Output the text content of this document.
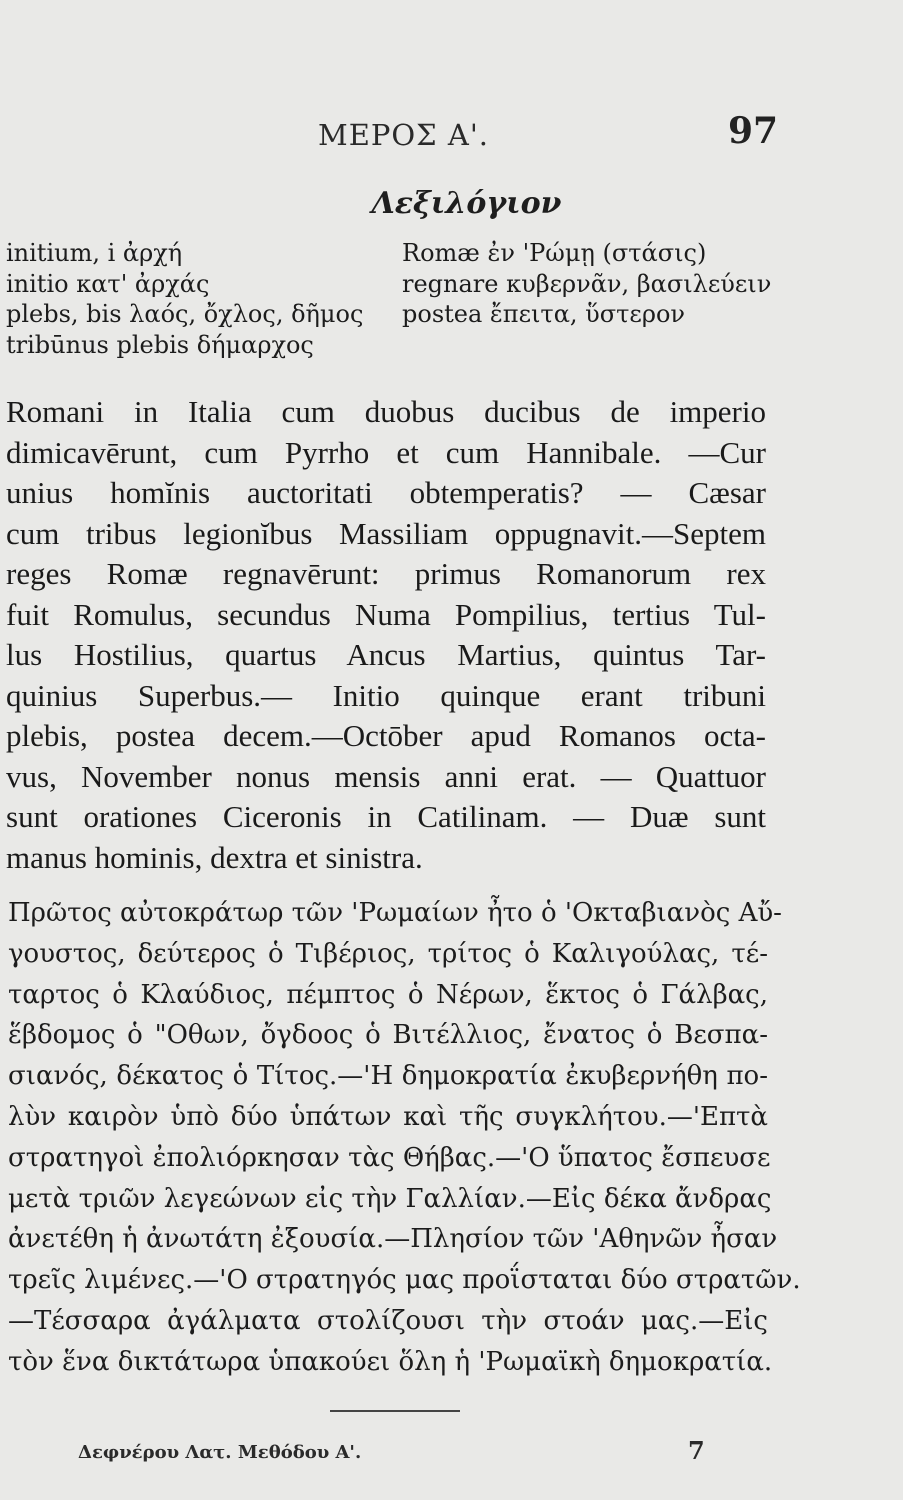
ΜΕΡΟΣ Α'.	97
Λεξιλόγιον
initium, i ἀρχή
initio κατ' ἀρχάς
plebs, bis λαός, ὄχλος, δῆμος
tribūnus plebis δήμαρχος
Romæ ἐν 'Ρώμῃ (στάσις)
regnare κυβερνᾶν, βασιλεύειν
postea ἔπειτα, ὕστερον
Romani in Italia cum duobus ducibus de imperio
dimicavērunt, cum Pyrrho et cum Hannibale. —Cur
unius homĭnis auctoritati obtemperatis? — Cæsar
cum tribus legionĭbus Massiliam oppugnavit.—Septem
reges Romæ regnavērunt: primus Romanorum rex
fuit Romulus, secundus Numa Pompilius, tertius Tul-
lus Hostilius, quartus Ancus Martius, quintus Tar-
quinius Superbus.— Initio quinque erant tribuni
plebis, postea decem.—Octōber apud Romanos octa-
vus, November nonus mensis anni erat. — Quattuor
sunt orationes Ciceronis in Catilinam. — Duæ sunt
manus hominis, dextra et sinistra.
Πρῶτος αὐτοκράτωρ τῶν 'Ρωμαίων ἦτο ὁ 'Οκταβιανὸς Αὔ-
γουστος, δεύτερος ὁ Τιβέριος, τρίτος ὁ Καλιγούλας, τέ-
ταρτος ὁ Κλαύδιος, πέμπτος ὁ Νέρων, ἕκτος ὁ Γάλβας,
ἕβδομος ὁ "Οθων, ὄγδοος ὁ Βιτέλλιος, ἔνατος ὁ Βεσπα-
σιανός, δέκατος ὁ Τίτος.—'Η δημοκρατία ἐκυβερνήθη πο-
λὺν καιρὸν ὑπὸ δύο ὑπάτων καὶ τῆς συγκλήτου.—'Επτὰ
στρατηγοὶ ἐπολιόρκησαν τὰς Θήβας.—'Ο ὕπατος ἔσπευσε
μετὰ τριῶν λεγεώνων εἰς τὴν Γαλλίαν.—Εἰς δέκα ἄνδρας
ἀνετέθη ἡ ἀνωτάτη ἐξουσία.—Πλησίον τῶν 'Αθηνῶν ἦσαν
τρεῖς λιμένες.—'Ο στρατηγός μας προΐσταται δύο στρατῶν.
—Τέσσαρα ἀγάλματα στολίζουσι τὴν στοάν μας.—Εἰς
τὸν ἕνα δικτάτωρα ὑπακούει ὅλη ἡ 'Ρωμαϊκὴ δημοκρατία.
Δεφνέρου Λατ. Μεθόδου Α'.	7
